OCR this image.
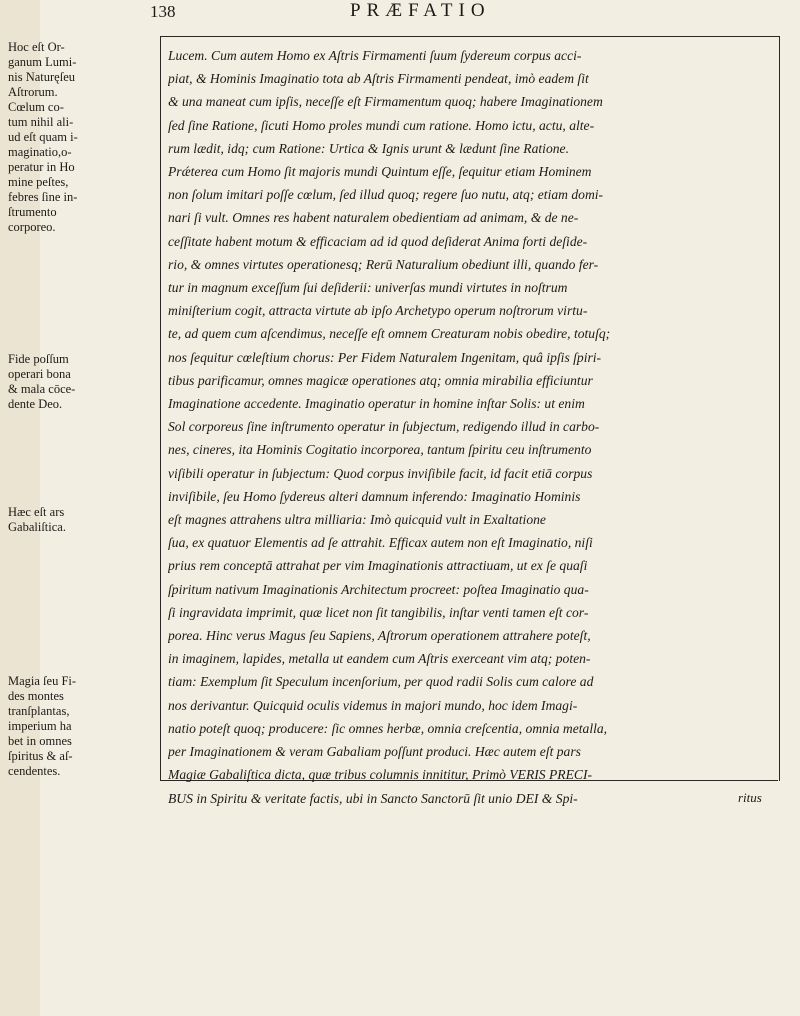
138	PRÆFATIO
Hoc eſt Or-
ganum Lumi-
nis Naturęſeu
Aſtrorum.
Cœlum co-
tum nihil ali-
ud eſt quam i-
maginatio,o-
peratur in Ho
mine peſtes,
febres ſine in-
ſtrumento
corporeo.
Fide poſſum
operari bona
& mala cōce-
dente Deo.
Hæc eſt ars
Gabaliſtica.
Magia ſeu Fi-
des montes
tranſplantas,
imperium ha
bet in omnes
ſpiritus & aſ-
cendentes.
Lucem. Cum autem Homo ex Aſtris Firmamenti ſuum ſydereum corpus acci-
piat, & Hominis Imaginatio tota ab Aſtris Firmamenti pendeat, imò eadem ſit
& una maneat cum ipſis, neceſſe eſt Firmamentum quoq; habere Imaginationem
ſed ſine Ratione, ſicuti Homo proles mundi cum ratione. Homo ictu, actu, alte-
rum lædit, idq; cum Ratione: Urtica & Ignis urunt & lædunt ſine Ratione.
Prǽterea cum Homo ſit majoris mundi Quintum eſſe, ſequitur etiam Hominem
non ſolum imitari poſſe cœlum, ſed illud quoq; regere ſuo nutu, atq; etiam domi-
nari ſi vult. Omnes res habent naturalem obedientiam ad animam, & de ne-
ceſſitate habent motum & efficaciam ad id quod deſiderat Anima forti deſide-
rio, & omnes virtutes operationesq; Rerū Naturalium obediunt illi, quando fer-
tur in magnum exceſſum ſui deſiderii: univerſas mundi virtutes in noſtrum
miniſterium cogit, attracta virtute ab ipſo Archetypo operum noſtrorum virtu-
te, ad quem cum aſcendimus, neceſſe eſt omnem Creaturam nobis obedire, totuſq;
nos ſequitur cœleſtium chorus: Per Fidem Naturalem Ingenitam, quâ ipſis ſpiri-
tibus parificamur, omnes magicæ operationes atq; omnia mirabilia efficiuntur
Imaginatione accedente. Imaginatio operatur in homine inſtar Solis: ut enim
Sol corporeus ſine inſtrumento operatur in ſubjectum, redigendo illud in carbo-
nes, cineres, ita Hominis Cogitatio incorporea, tantum ſpiritu ceu inſtrumento
viſibili operatur in ſubjectum: Quod corpus inviſibile facit, id facit etiā corpus
inviſibile, ſeu Homo ſydereus alteri damnum inferendo: Imaginatio Hominis
eſt magnes attrahens ultra milliaria: Imò quicquid vult in Exaltatione
ſua, ex quatuor Elementis ad ſe attrahit. Efficax autem non eſt Imaginatio, niſi
prius rem conceptā attrahat per vim Imaginationis attractiuam, ut ex ſe quaſi
ſpiritum nativum Imaginationis Architectum procreet: poſtea Imaginatio qua-
ſi ingravidata imprimit, quæ licet non ſit tangibilis, inſtar venti tamen eſt cor-
porea. Hinc verus Magus ſeu Sapiens, Aſtrorum operationem attrahere poteſt,
in imaginem, lapides, metalla ut eandem cum Aſtris exerceant vim atq; poten-
tiam: Exemplum ſit Speculum incenſorium, per quod radii Solis cum calore ad
nos derivantur. Quicquid oculis videmus in majori mundo, hoc idem Imagi-
natio poteſt quoq; producere: ſic omnes herbæ, omnia creſcentia, omnia metalla,
per Imaginationem & veram Gabaliam poſſunt produci. Hæc autem eſt pars
Magiæ Gabaliſtica dicta, quæ tribus columnis innititur, Primò VERIS PRECI-
BUS in Spiritu & veritate factis, ubi in Sancto Sanctorū ſit unio DEI & Spi-	ritus
